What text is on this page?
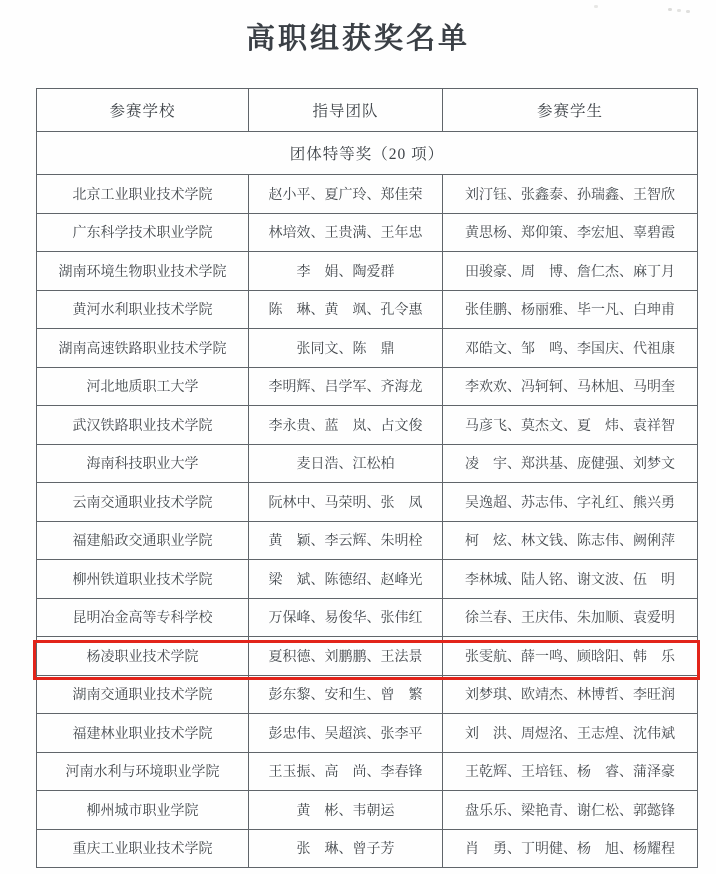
高职组获奖名单
参赛学校	指导团队	参赛学生
团体特等奖（20 项）		
北京工业职业技术学院	赵小平、夏广玲、郑佳荣	刘汀钰、张鑫泰、孙瑞鑫、王智欣
广东科学技术职业学院	林培效、王贵满、王年忠	黄思杨、郑仰策、李宏旭、辜碧霞
湖南环境生物职业技术学院	李　娟、陶爱群	田骏豪、周　博、詹仁杰、麻丁月
黄河水利职业技术学院	陈　琳、黄　飒、孔令惠	张佳鹏、杨丽雅、毕一凡、白珅甫
湖南高速铁路职业技术学院	张同文、陈　鼎	邓皓文、邹　鸣、李国庆、代祖康
河北地质职工大学	李明辉、吕学军、齐海龙	李欢欢、冯轲轲、马林旭、马明奎
武汉铁路职业技术学院	李永贵、蓝　岚、占文俊	马彦飞、莫杰文、夏　炜、袁祥智
海南科技职业大学	麦日浩、江松柏	凌　宇、郑洪基、庞健强、刘梦文
云南交通职业技术学院	阮林中、马荣明、张　凤	吴逸超、苏志伟、字礼红、熊兴勇
福建船政交通职业学院	黄　颖、李云辉、朱明栓	柯　炫、林文钱、陈志伟、阙俐萍
柳州铁道职业技术学院	梁　斌、陈德绍、赵峰光	李林城、陆人铭、谢文波、伍　明
昆明冶金高等专科学校	万保峰、易俊华、张伟红	徐兰春、王庆伟、朱加顺、袁爱明
杨凌职业技术学院	夏积德、刘鹏鹏、王法景	张雯航、薛一鸣、顾晗阳、韩　乐
湖南交通职业技术学院	彭东黎、安和生、曾　繁	刘梦琪、欧靖杰、林博哲、李旺润
福建林业职业技术学院	彭忠伟、吴超滨、张李平	刘　洪、周煜洺、王志煌、沈伟斌
河南水利与环境职业学院	王玉振、高　尚、李春锋	王乾辉、王培钰、杨　睿、蒲泽豪
柳州城市职业学院	黄　彬、韦朝运	盘乐乐、梁艳青、谢仁松、郭懿锋
重庆工业职业技术学院	张　琳、曾子芳	肖　勇、丁明健、杨　旭、杨耀程
